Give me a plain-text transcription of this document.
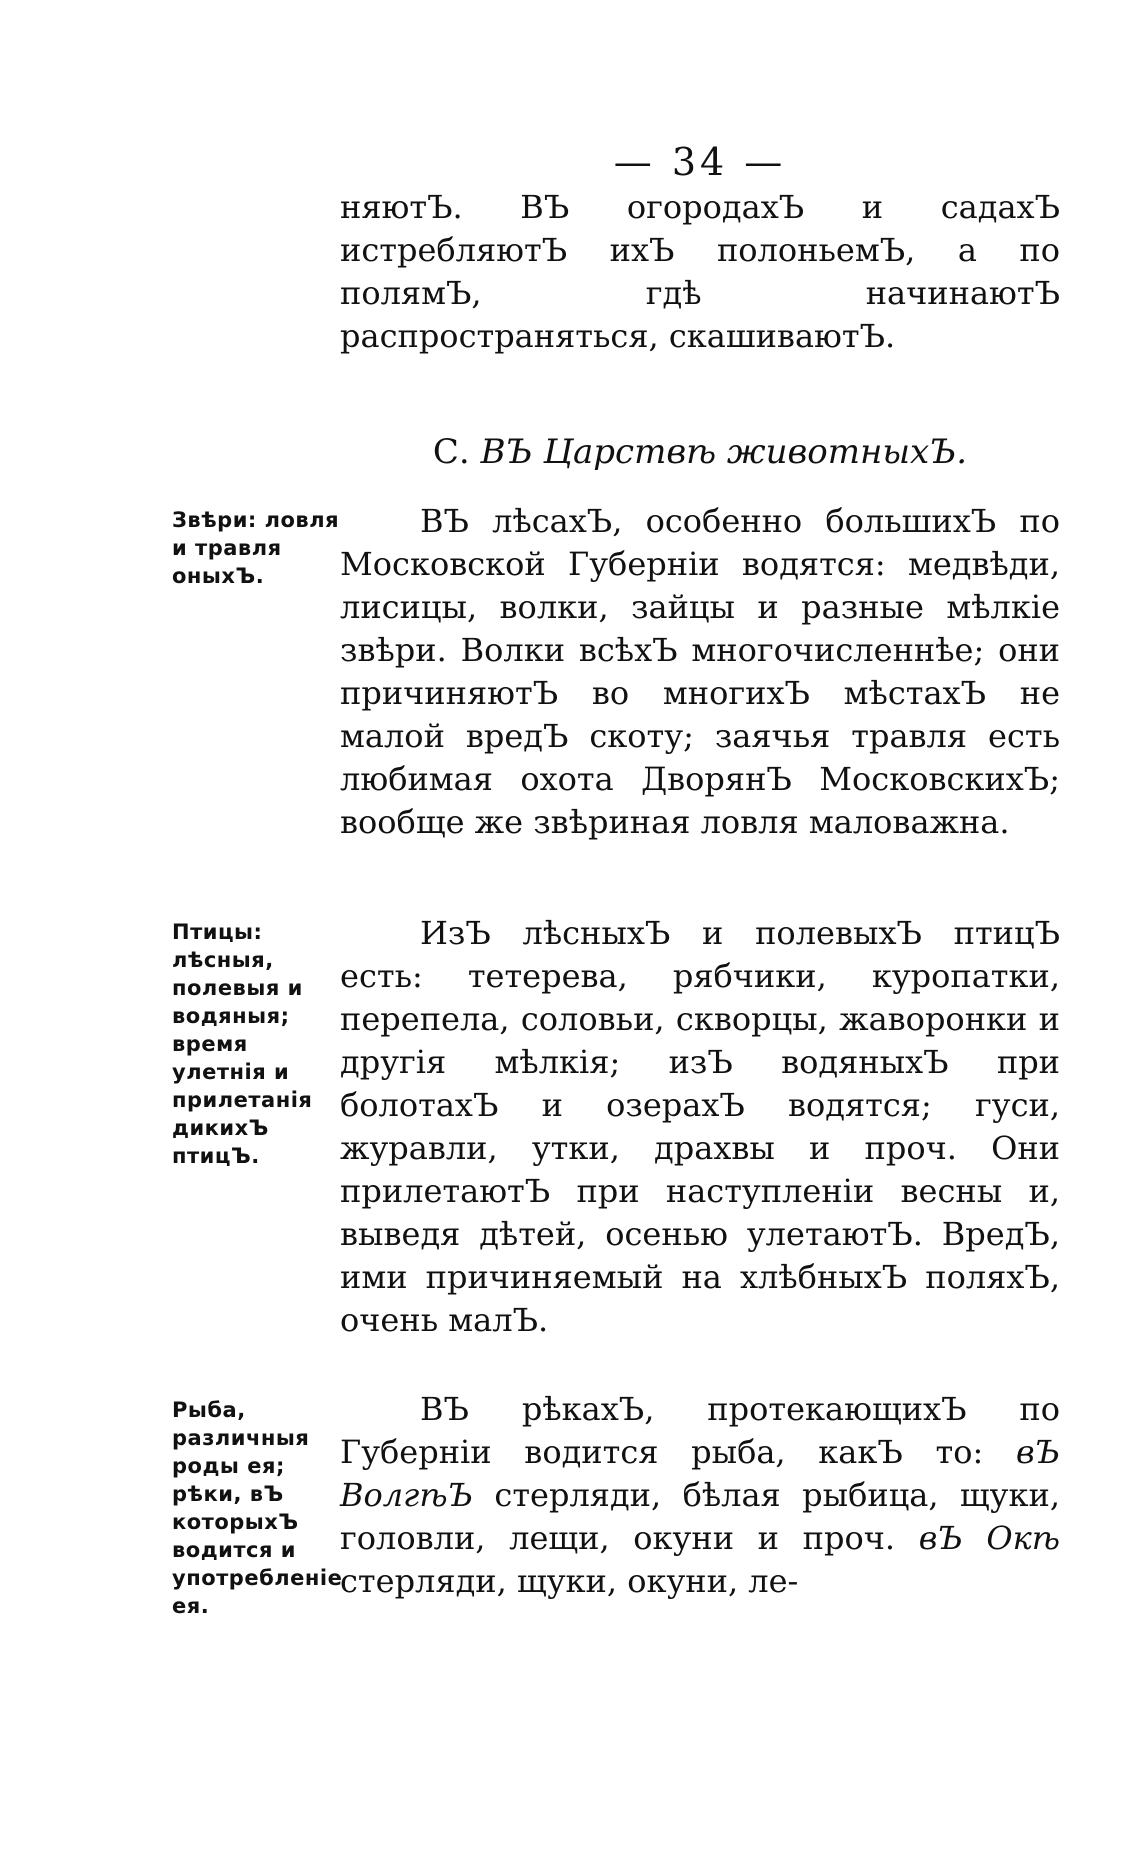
— 34 —

няютЪ. ВЪ огородахЪ и садахЪ истребляютЪ ихЪ полоньемЪ, а по полямЪ, гдѣ начинаютЪ распространяться, скашиваютЪ.

С. ВЪ Царствѣ животныхЪ.
Звѣри: ловля и травля оныхЪ.

ВЪ лѣсахЪ, особенно большихЪ по Московской Губерніи водятся: медвѣди, лисицы, волки, зайцы и разные мѣлкіе звѣри. Волки всѣхЪ многочисленнѣе; они причиняютЪ во многихЪ мѣстахЪ не малой вредЪ скоту; заячья травля есть любимая охота ДворянЪ МосковскихЪ; вообще же звѣриная ловля маловажна.

Птицы: лѣсныя, полевыя и водяныя; время улетнія и прилетанія дикихЪ птицЪ.

ИзЪ лѣсныхЪ и полевыхЪ птицЪ есть: тетерева, рябчики, куропатки, перепела, соловьи, скворцы, жаворонки и другія мѣлкія; изЪ водяныхЪ при болотахЪ и озерахЪ водятся; гуси, журавли, утки, драхвы и проч. Они прилетаютЪ при наступленіи весны и, выведя дѣтей, осенью улетаютЪ. ВредЪ, ими причиняемый на хлѣбныхЪ поляхЪ, очень малЪ.

Рыба, различныя роды ея; рѣки, вЪ которыхЪ водится и употребленіе ея.

ВЪ рѣкахЪ, протекающихЪ по Губерніи водится рыба, какЪ то: вЪ ВолгѣЪ стерляди, бѣлая рыбица, щуки, головли, лещи, окуни и проч. вЪ Окѣ стерляди, щуки, окуни, ле-
